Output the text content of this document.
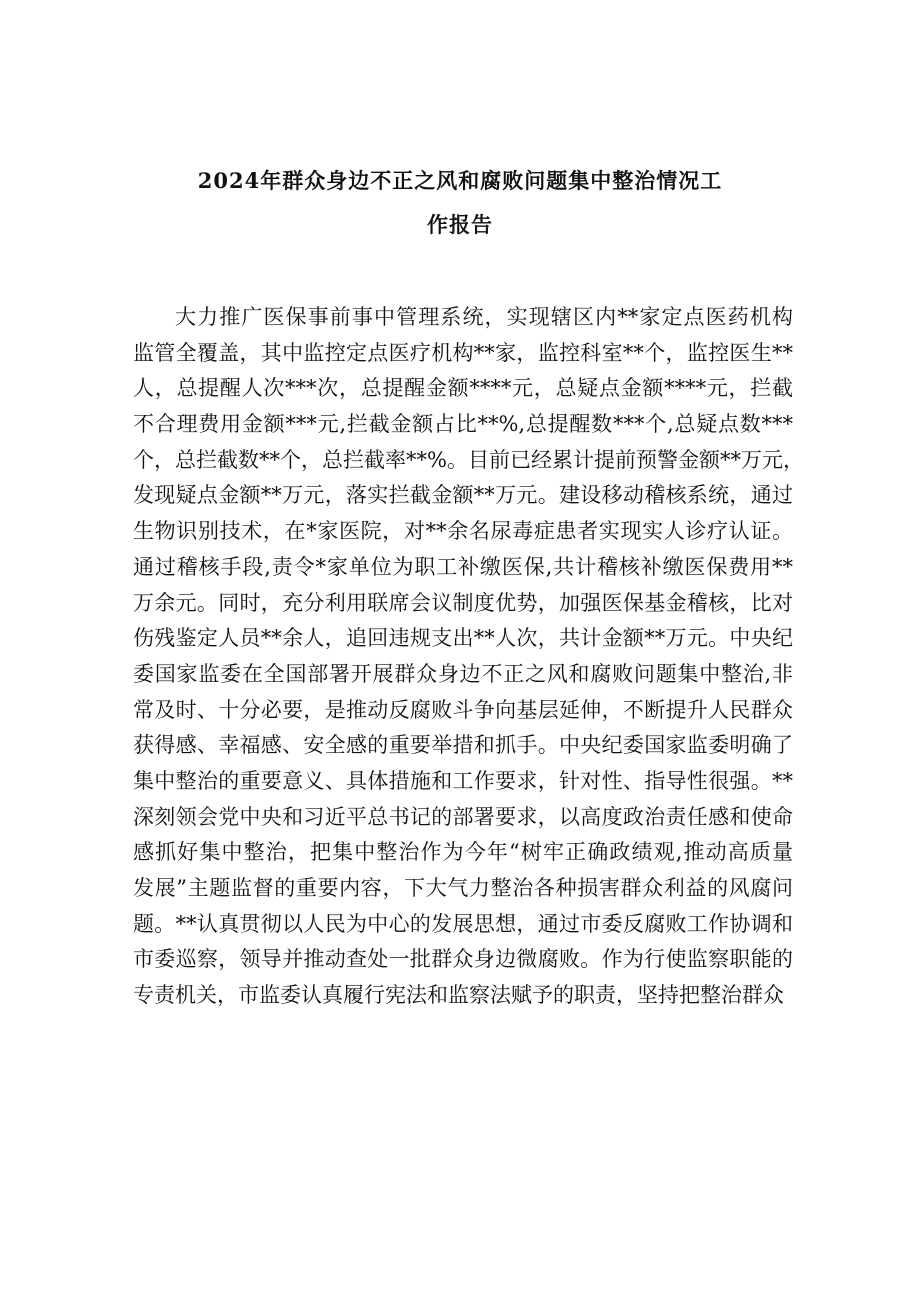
2024年群众身边不正之风和腐败问题集中整治情况工
作报告
大力推广医保事前事中管理系统，实现辖区内**家定点医药机构
监管全覆盖，其中监控定点医疗机构**家，监控科室**个，监控医生**
人，总提醒人次***次，总提醒金额****元，总疑点金额****元，拦截
不合理费用金额***元,拦截金额占比**%,总提醒数***个,总疑点数***
个，总拦截数**个，总拦截率**%。目前已经累计提前预警金额**万元，
发现疑点金额**万元，落实拦截金额**万元。建设移动稽核系统，通过
生物识别技术，在*家医院，对**余名尿毒症患者实现实人诊疗认证。
通过稽核手段,责令*家单位为职工补缴医保,共计稽核补缴医保费用**
万余元。同时，充分利用联席会议制度优势，加强医保基金稽核，比对
伤残鉴定人员**余人，追回违规支出**人次，共计金额**万元。中央纪
委国家监委在全国部署开展群众身边不正之风和腐败问题集中整治,非
常及时、十分必要，是推动反腐败斗争向基层延伸，不断提升人民群众
获得感、幸福感、安全感的重要举措和抓手。中央纪委国家监委明确了
集中整治的重要意义、具体措施和工作要求，针对性、指导性很强。**
深刻领会党中央和习近平总书记的部署要求，以高度政治责任感和使命
感抓好集中整治，把集中整治作为今年“树牢正确政绩观,推动高质量
发展”主题监督的重要内容，下大气力整治各种损害群众利益的风腐问
题。**认真贯彻以人民为中心的发展思想，通过市委反腐败工作协调和
市委巡察，领导并推动查处一批群众身边微腐败。作为行使监察职能的
专责机关，市监委认真履行宪法和监察法赋予的职责，坚持把整治群众
